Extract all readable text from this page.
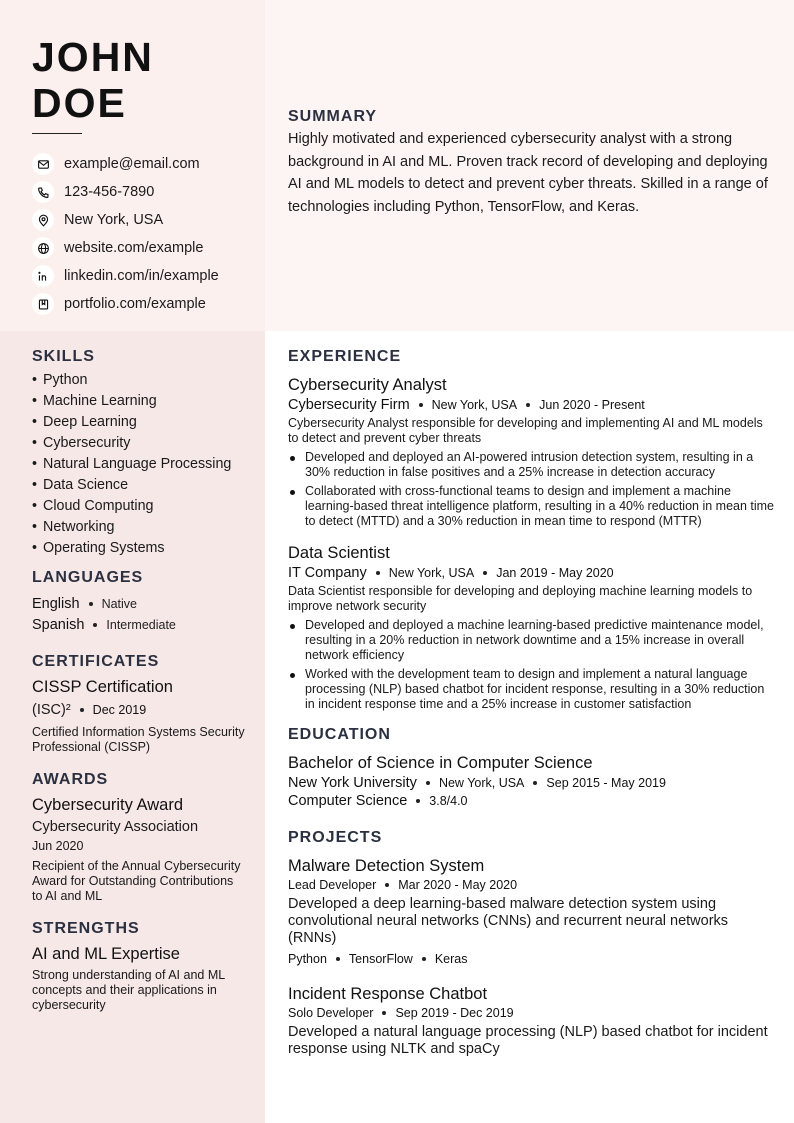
JOHN
DOE
example@email.com
123-456-7890
New York, USA
website.com/example
linkedin.com/in/example
portfolio.com/example
SUMMARY

Highly motivated and experienced cybersecurity analyst with a strong background in AI and ML. Proven track record of developing and deploying AI and ML models to detect and prevent cyber threats. Skilled in a range of technologies including Python, TensorFlow, and Keras.

SKILLS
• Python
• Machine Learning
• Deep Learning
• Cybersecurity
• Natural Language Processing
• Data Science
• Cloud Computing
• Networking
• Operating Systems
LANGUAGES
English Native
Spanish Intermediate
CERTIFICATES
CISSP Certification
(ISC)² Dec 2019
Certified Information Systems Security Professional (CISSP)
AWARDS
Cybersecurity Award
Cybersecurity Association
Jun 2020
Recipient of the Annual Cybersecurity Award for Outstanding Contributions to AI and ML
STRENGTHS
AI and ML Expertise
Strong understanding of AI and ML concepts and their applications in cybersecurity
EXPERIENCE
Cybersecurity Analyst
Cybersecurity Firm New York, USA Jun 2020 - Present
Cybersecurity Analyst responsible for developing and implementing AI and ML models to detect and prevent cyber threats
Developed and deployed an AI-powered intrusion detection system, resulting in a 30% reduction in false positives and a 25% increase in detection accuracy
Collaborated with cross-functional teams to design and implement a machine learning-based threat intelligence platform, resulting in a 40% reduction in mean time to detect (MTTD) and a 30% reduction in mean time to respond (MTTR)
Data Scientist
IT Company New York, USA Jan 2019 - May 2020
Data Scientist responsible for developing and deploying machine learning models to improve network security
Developed and deployed a machine learning-based predictive maintenance model, resulting in a 20% reduction in network downtime and a 15% increase in overall network efficiency
Worked with the development team to design and implement a natural language processing (NLP) based chatbot for incident response, resulting in a 30% reduction in incident response time and a 25% increase in customer satisfaction
EDUCATION
Bachelor of Science in Computer Science
New York University New York, USA Sep 2015 - May 2019
Computer Science 3.8/4.0
PROJECTS
Malware Detection System
Lead Developer Mar 2020 - May 2020
Developed a deep learning-based malware detection system using convolutional neural networks (CNNs) and recurrent neural networks (RNNs)
Python TensorFlow Keras
Incident Response Chatbot
Solo Developer Sep 2019 - Dec 2019
Developed a natural language processing (NLP) based chatbot for incident response using NLTK and spaCy
